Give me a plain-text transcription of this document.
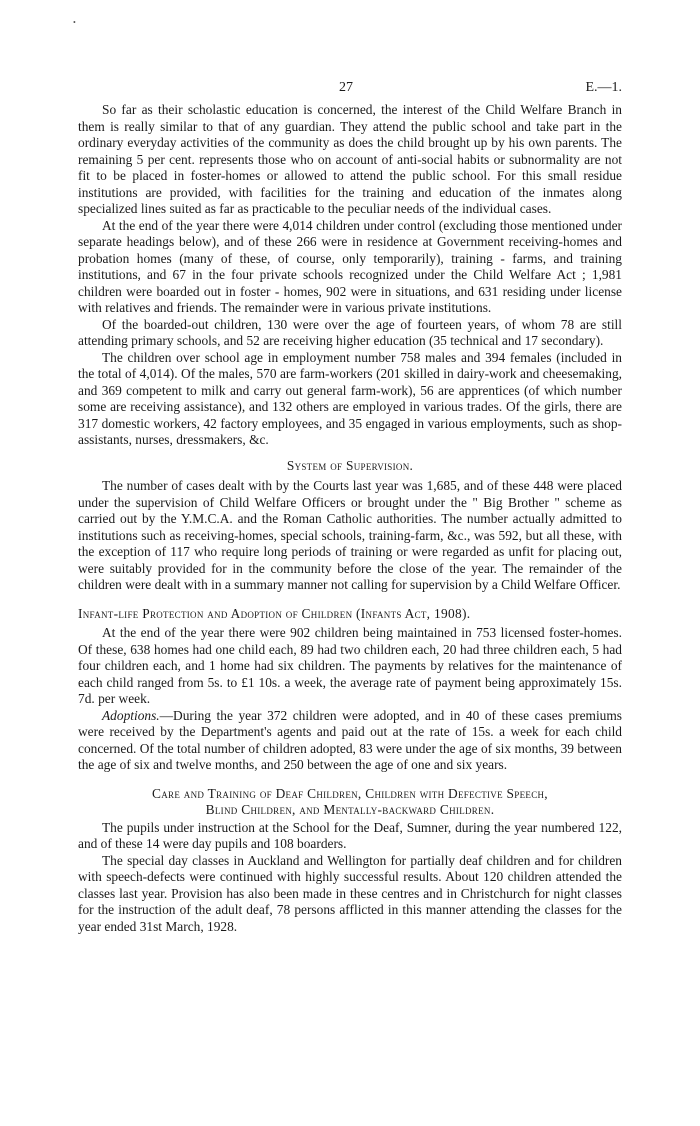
•
27	E.—1.

So far as their scholastic education is concerned, the interest of the Child Welfare Branch in them is really similar to that of any guardian. They attend the public school and take part in the ordinary everyday activities of the community as does the child brought up by his own parents. The remaining 5 per cent. represents those who on account of anti-social habits or subnormality are not fit to be placed in foster-homes or allowed to attend the public school. For this small residue institutions are provided, with facilities for the training and education of the inmates along specialized lines suited as far as practicable to the peculiar needs of the individual cases.

At the end of the year there were 4,014 children under control (excluding those mentioned under separate headings below), and of these 266 were in residence at Government receiving-homes and probation homes (many of these, of course, only temporarily), training - farms, and training institutions, and 67 in the four private schools recognized under the Child Welfare Act ; 1,981 children were boarded out in foster - homes, 902 were in situations, and 631 residing under license with relatives and friends. The remainder were in various private institutions.

Of the boarded-out children, 130 were over the age of fourteen years, of whom 78 are still attending primary schools, and 52 are receiving higher education (35 technical and 17 secondary).

The children over school age in employment number 758 males and 394 females (included in the total of 4,014). Of the males, 570 are farm-workers (201 skilled in dairy-work and cheesemaking, and 369 competent to milk and carry out general farm-work), 56 are apprentices (of which number some are receiving assistance), and 132 others are employed in various trades. Of the girls, there are 317 domestic workers, 42 factory employees, and 35 engaged in various employments, such as shop-assistants, nurses, dressmakers, &c.

System of Supervision.

The number of cases dealt with by the Courts last year was 1,685, and of these 448 were placed under the supervision of Child Welfare Officers or brought under the " Big Brother " scheme as carried out by the Y.M.C.A. and the Roman Catholic authorities. The number actually admitted to institutions such as receiving-homes, special schools, training-farm, &c., was 592, but all these, with the exception of 117 who require long periods of training or were regarded as unfit for placing out, were suitably provided for in the community before the close of the year. The remainder of the children were dealt with in a summary manner not calling for supervision by a Child Welfare Officer.

Infant-life Protection and Adoption of Children (Infants Act, 1908).

At the end of the year there were 902 children being maintained in 753 licensed foster-homes. Of these, 638 homes had one child each, 89 had two children each, 20 had three children each, 5 had four children each, and 1 home had six children. The payments by relatives for the maintenance of each child ranged from 5s. to £1 10s. a week, the average rate of payment being approximately 15s. 7d. per week.

Adoptions.—During the year 372 children were adopted, and in 40 of these cases premiums were received by the Department's agents and paid out at the rate of 15s. a week for each child concerned. Of the total number of children adopted, 83 were under the age of six months, 39 between the age of six and twelve months, and 250 between the age of one and six years.

Care and Training of Deaf Children, Children with Defective Speech,
Blind Children, and Mentally-backward Children.

The pupils under instruction at the School for the Deaf, Sumner, during the year numbered 122, and of these 14 were day pupils and 108 boarders.

The special day classes in Auckland and Wellington for partially deaf children and for children with speech-defects were continued with highly successful results. About 120 children attended the classes last year. Provision has also been made in these centres and in Christchurch for night classes for the instruction of the adult deaf, 78 persons afflicted in this manner attending the classes for the year ended 31st March, 1928.
